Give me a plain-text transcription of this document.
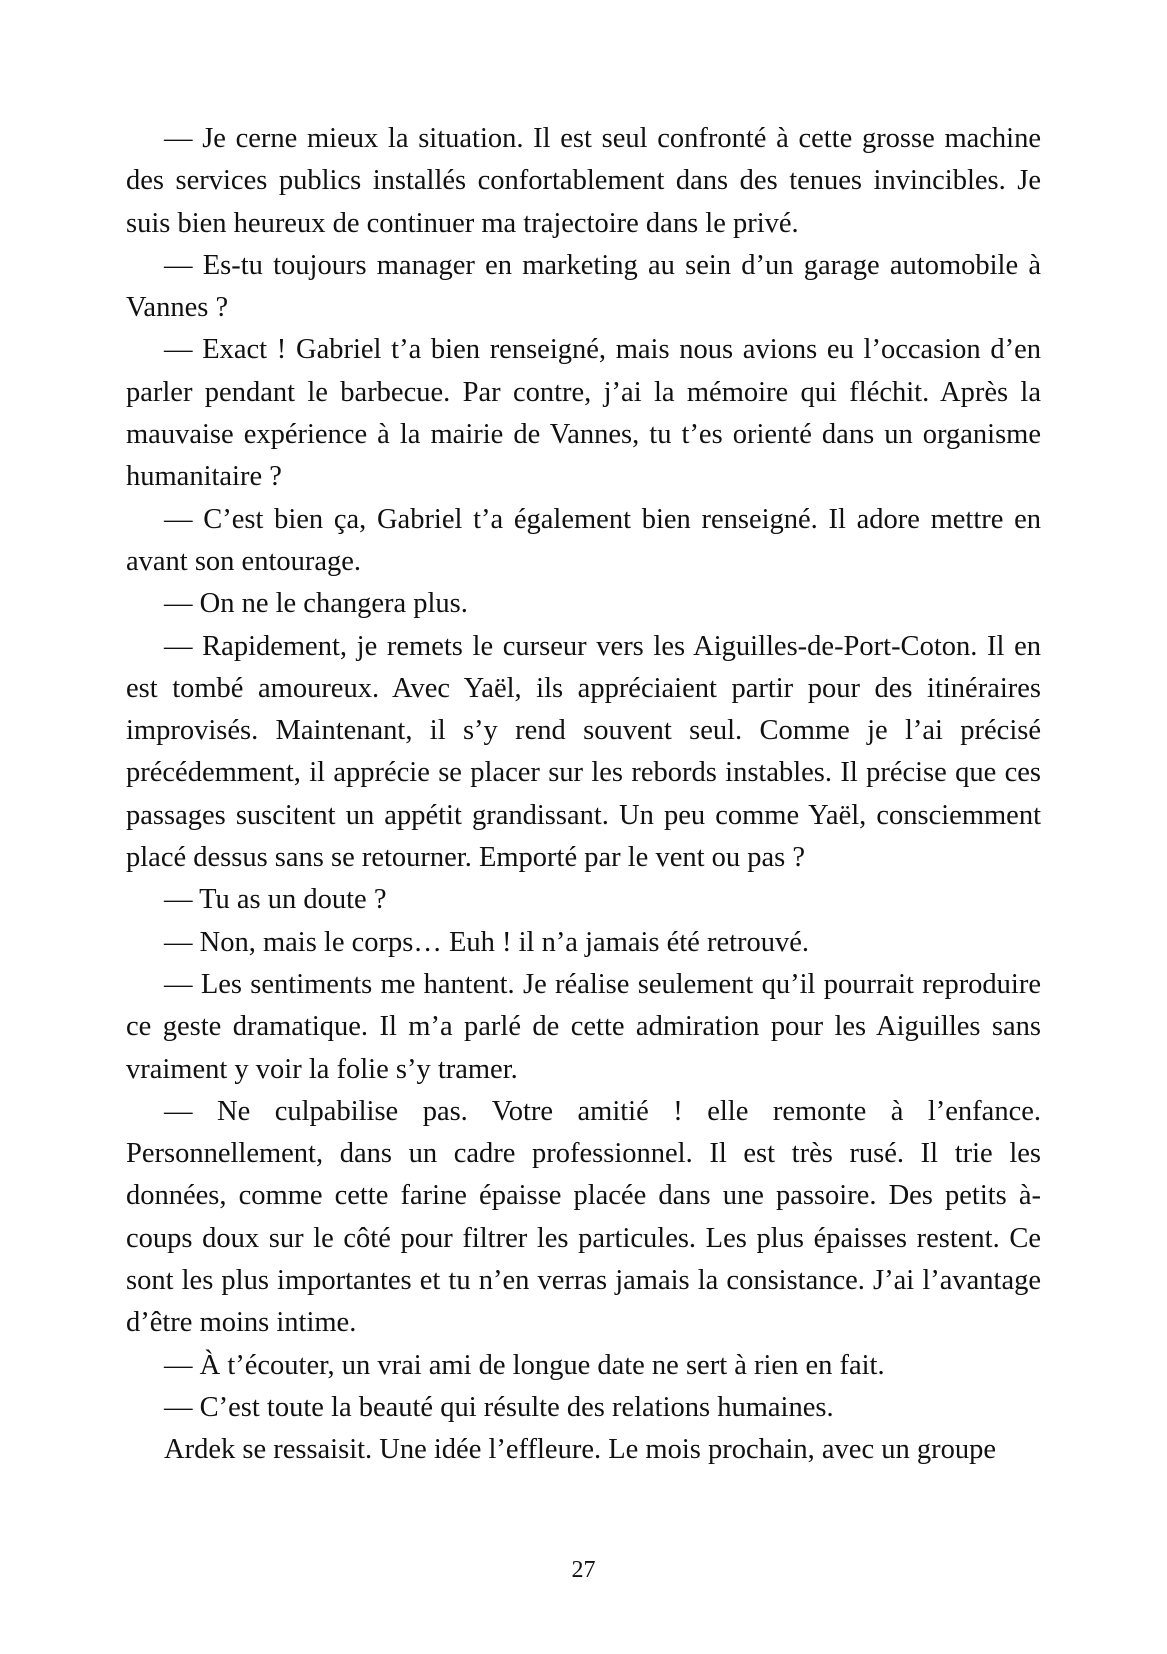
— Je cerne mieux la situation. Il est seul confronté à cette grosse machine des services publics installés confortablement dans des tenues invincibles. Je suis bien heureux de continuer ma trajectoire dans le privé.

— Es-tu toujours manager en marketing au sein d’un garage automobile à Vannes ?

— Exact ! Gabriel t’a bien renseigné, mais nous avions eu l’occasion d’en parler pendant le barbecue. Par contre, j’ai la mémoire qui fléchit. Après la mauvaise expérience à la mairie de Vannes, tu t’es orienté dans un organisme humanitaire ?

— C’est bien ça, Gabriel t’a également bien renseigné. Il adore mettre en avant son entourage.

— On ne le changera plus.

— Rapidement, je remets le curseur vers les Aiguilles-de-Port-Coton. Il en est tombé amoureux. Avec Yaël, ils appréciaient partir pour des itinéraires improvisés. Maintenant, il s’y rend souvent seul. Comme je l’ai précisé précédemment, il apprécie se placer sur les rebords instables. Il précise que ces passages suscitent un appétit grandissant. Un peu comme Yaël, consciemment placé dessus sans se retourner. Emporté par le vent ou pas ?

— Tu as un doute ?

— Non, mais le corps… Euh ! il n’a jamais été retrouvé.

— Les sentiments me hantent. Je réalise seulement qu’il pourrait reproduire ce geste dramatique. Il m’a parlé de cette admiration pour les Aiguilles sans vraiment y voir la folie s’y tramer.

— Ne culpabilise pas. Votre amitié ! elle remonte à l’enfance. Personnellement, dans un cadre professionnel. Il est très rusé. Il trie les données, comme cette farine épaisse placée dans une passoire. Des petits à-coups doux sur le côté pour filtrer les particules. Les plus épaisses restent. Ce sont les plus importantes et tu n’en verras jamais la consistance. J’ai l’avantage d’être moins intime.

— À t’écouter, un vrai ami de longue date ne sert à rien en fait.

— C’est toute la beauté qui résulte des relations humaines.

Ardek se ressaisit. Une idée l’effleure. Le mois prochain, avec un groupe

27
